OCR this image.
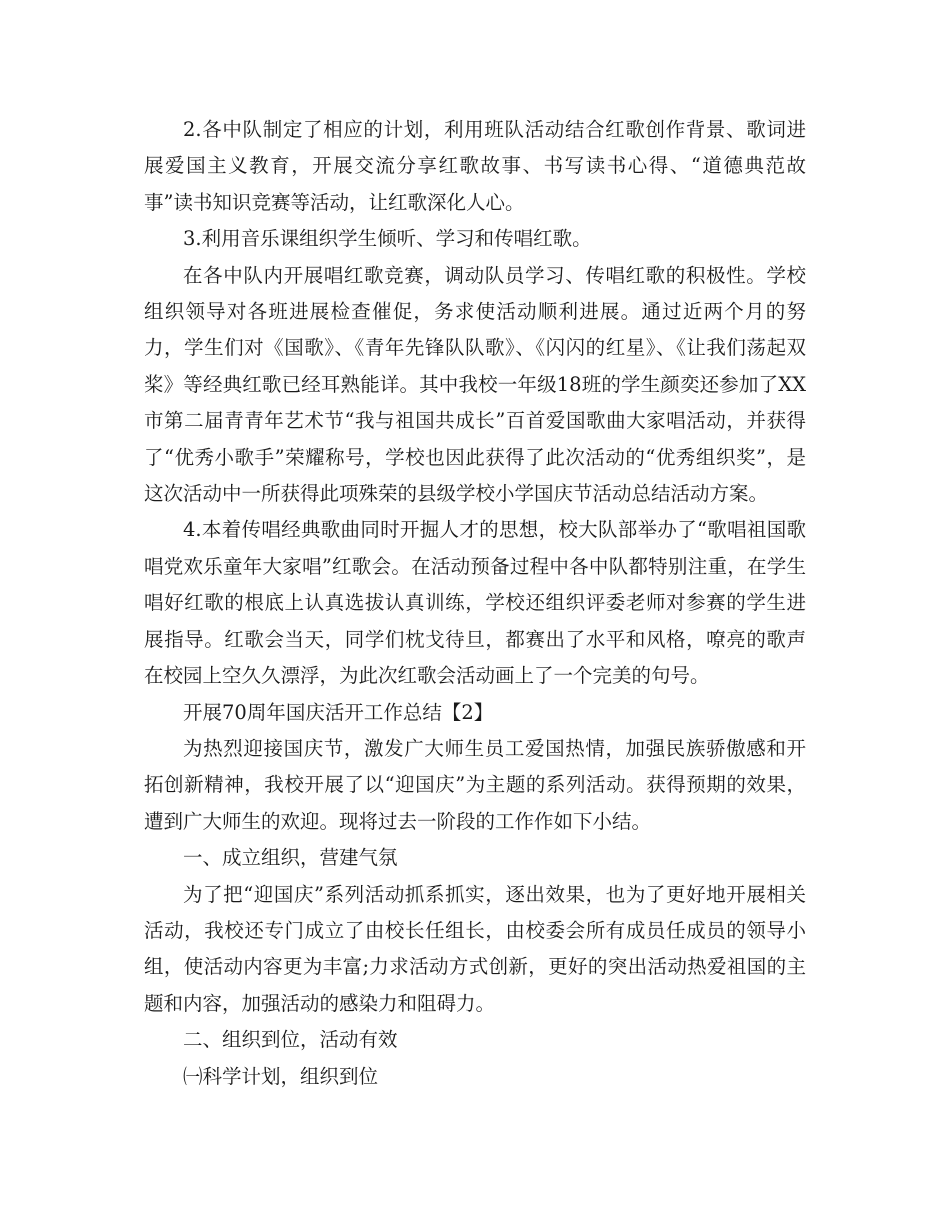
2.各中队制定了相应的计划，利用班队活动结合红歌创作背景、歌词进展爱国主义教育，开展交流分享红歌故事、书写读书心得、“道德典范故事”读书知识竞赛等活动，让红歌深化人心。

3.利用音乐课组织学生倾听、学习和传唱红歌。

在各中队内开展唱红歌竞赛，调动队员学习、传唱红歌的积极性。学校组织领导对各班进展检查催促，务求使活动顺利进展。通过近两个月的努力，学生们对《国歌》、《青年先锋队队歌》、《闪闪的红星》、《让我们荡起双桨》等经典红歌已经耳熟能详。其中我校一年级18班的学生颜奕还参加了XX市第二届青青年艺术节“我与祖国共成长”百首爱国歌曲大家唱活动，并获得了“优秀小歌手”荣耀称号，学校也因此获得了此次活动的“优秀组织奖”，是这次活动中一所获得此项殊荣的县级学校小学国庆节活动总结活动方案。

4.本着传唱经典歌曲同时开掘人才的思想，校大队部举办了“歌唱祖国歌唱党欢乐童年大家唱”红歌会。在活动预备过程中各中队都特别注重，在学生唱好红歌的根底上认真选拔认真训练，学校还组织评委老师对参赛的学生进展指导。红歌会当天，同学们枕戈待旦，都赛出了水平和风格，嘹亮的歌声在校园上空久久漂浮，为此次红歌会活动画上了一个完美的句号。

开展70周年国庆活开工作总结【2】

为热烈迎接国庆节，激发广大师生员工爱国热情，加强民族骄傲感和开拓创新精神，我校开展了以“迎国庆”为主题的系列活动。获得预期的效果，遭到广大师生的欢迎。现将过去一阶段的工作作如下小结。

一、成立组织，营建气氛

为了把“迎国庆”系列活动抓系抓实，逐出效果，也为了更好地开展相关活动，我校还专门成立了由校长任组长，由校委会所有成员任成员的领导小组，使活动内容更为丰富;力求活动方式创新，更好的突出活动热爱祖国的主题和内容，加强活动的感染力和阻碍力。

二、组织到位，活动有效

㈠科学计划，组织到位
